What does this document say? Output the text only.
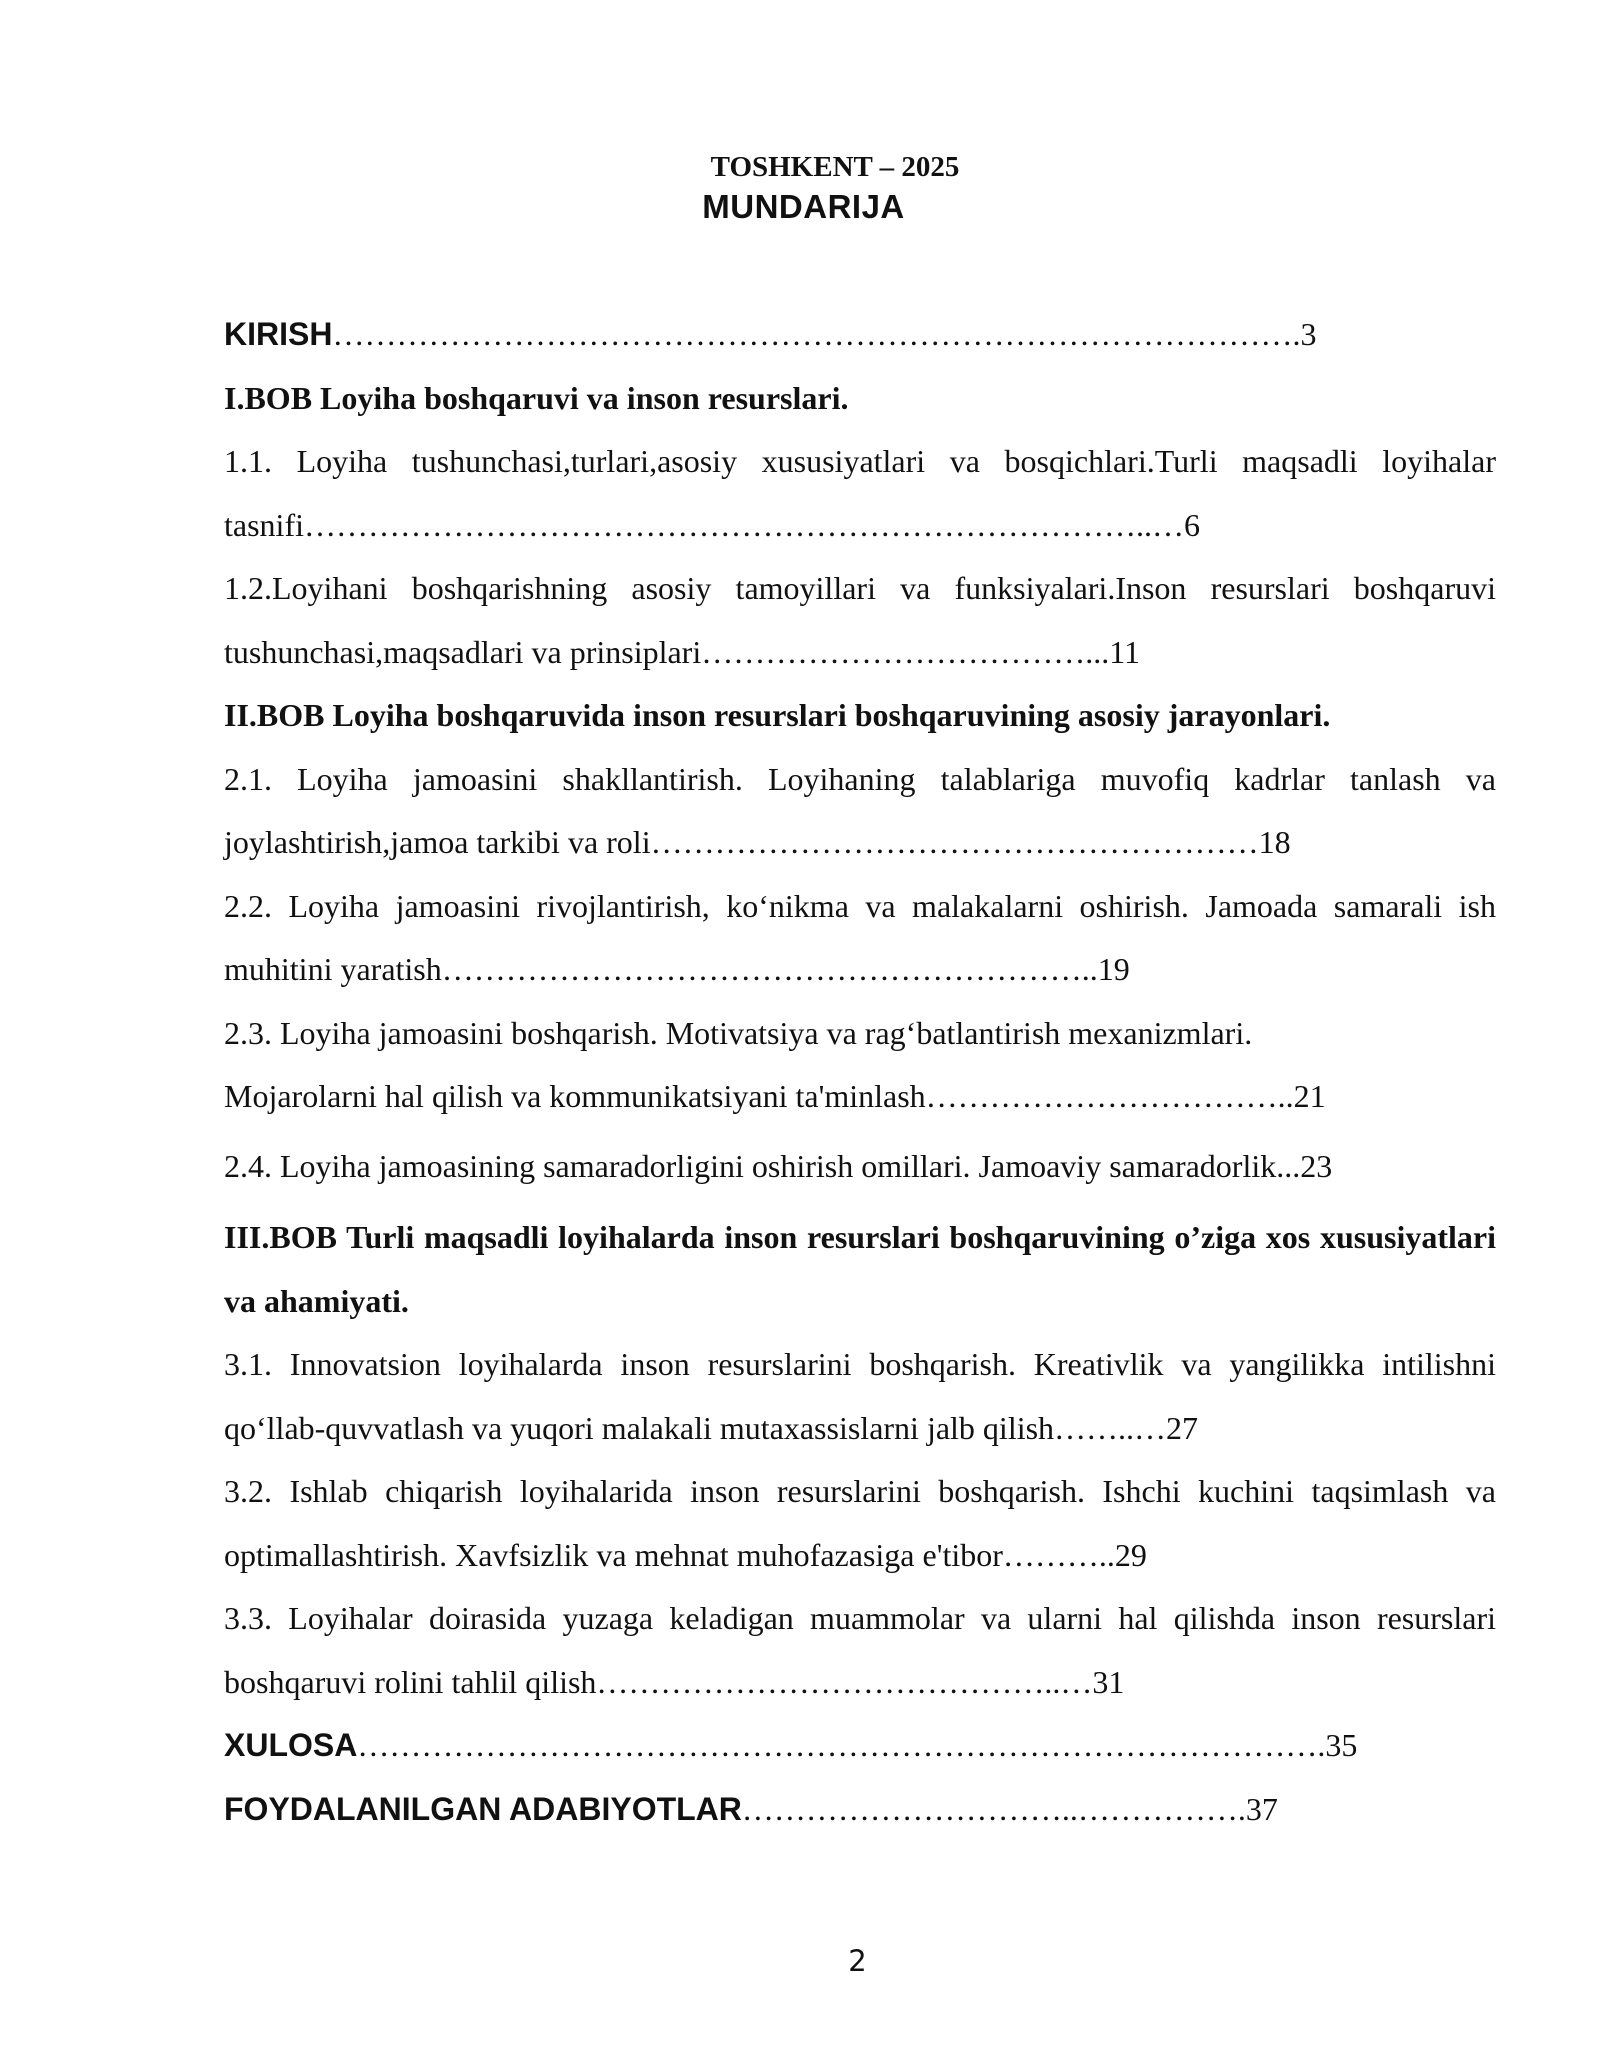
TOSHKENT – 2025
MUNDARIJA

KIRISH……………………………………………………………………………….3

I.BOB Loyiha boshqaruvi va inson resurslari.

1.1. Loyiha tushunchasi,turlari,asosiy xususiyatlari va bosqichlari.Turli maqsadli loyihalar tasnifi……………………………………………………………………..…6

1.2.Loyihani boshqarishning asosiy tamoyillari va funksiyalari.Inson resurslari boshqaruvi tushunchasi,maqsadlari va prinsiplari………………………………...11

II.BOB Loyiha boshqaruvida inson resurslari boshqaruvining asosiy jarayonlari.

2.1. Loyiha jamoasini shakllantirish. Loyihaning talablariga muvofiq kadrlar tanlash va joylashtirish,jamoa tarkibi va roli…………………………………………………18

2.2. Loyiha jamoasini rivojlantirish, ko‘nikma va malakalarni oshirish. Jamoada samarali ish muhitini yaratish……………………………………………………..19

2.3. Loyiha jamoasini boshqarish. Motivatsiya va rag‘batlantirish mexanizmlari.
Mojarolarni hal qilish va kommunikatsiyani ta'minlash……………………………..21

2.4. Loyiha jamoasining samaradorligini oshirish omillari. Jamoaviy samaradorlik...23

III.BOB Turli maqsadli loyihalarda inson resurslari boshqaruvining o’ziga xos xususiyatlari va ahamiyati.

3.1. Innovatsion loyihalarda inson resurslarini boshqarish. Kreativlik va yangilikka intilishni qo‘llab-quvvatlash va yuqori malakali mutaxassislarni jalb qilish……..…27

3.2. Ishlab chiqarish loyihalarida inson resurslarini boshqarish. Ishchi kuchini taqsimlash va optimallashtirish. Xavfsizlik va mehnat muhofazasiga e'tibor………..29

3.3. Loyihalar doirasida yuzaga keladigan muammolar va ularni hal qilishda inson resurslari boshqaruvi rolini tahlil qilish……………………………………..…31

XULOSA……………………………………………………………………………….35

FOYDALANILGAN ADABIYOTLAR…………………………..…………….37

2
